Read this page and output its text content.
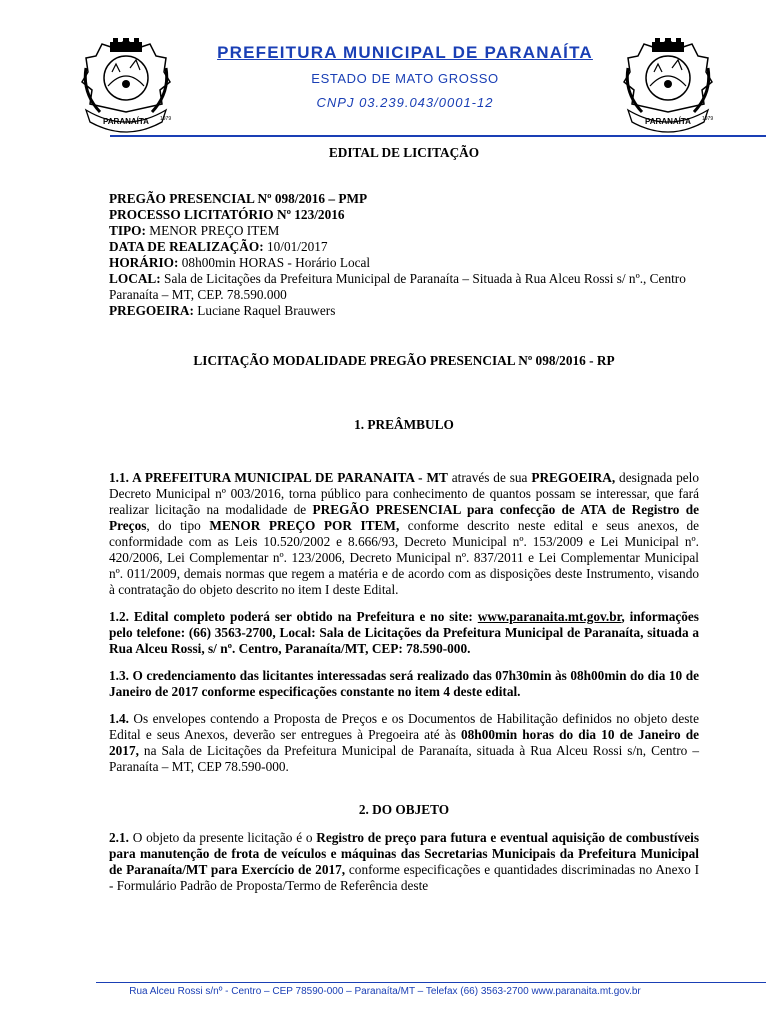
PARANAÍTA 1979
PREFEITURA MUNICIPAL DE PARANAÍTA
ESTADO DE MATO GROSSO
CNPJ 03.239.043/0001-12
PARANAÍTA 1979

EDITAL DE LICITAÇÃO

PREGÃO PRESENCIAL Nº 098/2016 – PMP
PROCESSO LICITATÓRIO Nº 123/2016
TIPO: MENOR PREÇO ITEM
DATA DE REALIZAÇÃO: 10/01/2017
HORÁRIO: 08h00min HORAS - Horário Local
LOCAL: Sala de Licitações da Prefeitura Municipal de Paranaíta – Situada à Rua Alceu Rossi s/ nº., Centro Paranaíta – MT, CEP. 78.590.000
PREGOEIRA: Luciane Raquel Brauwers

LICITAÇÃO MODALIDADE PREGÃO PRESENCIAL Nº 098/2016 - RP

1. PREÂMBULO

1.1. A PREFEITURA MUNICIPAL DE PARANAITA - MT através de sua PREGOEIRA, designada pelo Decreto Municipal nº 003/2016, torna público para conhecimento de quantos possam se interessar, que fará realizar licitação na modalidade de PREGÃO PRESENCIAL para confecção de ATA de Registro de Preços, do tipo MENOR PREÇO POR ITEM, conforme descrito neste edital e seus anexos, de conformidade com as Leis 10.520/2002 e 8.666/93, Decreto Municipal nº. 153/2009 e Lei Municipal nº. 420/2006, Lei Complementar nº. 123/2006, Decreto Municipal nº. 837/2011 e Lei Complementar Municipal nº. 011/2009, demais normas que regem a matéria e de acordo com as disposições deste Instrumento, visando à contratação do objeto descrito no item I deste Edital.

1.2. Edital completo poderá ser obtido na Prefeitura e no site: www.paranaita.mt.gov.br, informações pelo telefone: (66) 3563-2700, Local: Sala de Licitações da Prefeitura Municipal de Paranaíta, situada a Rua Alceu Rossi, s/ nº. Centro, Paranaíta/MT, CEP: 78.590-000.

1.3. O credenciamento das licitantes interessadas será realizado das 07h30min às 08h00min do dia 10 de Janeiro de 2017 conforme especificações constante no item 4 deste edital.

1.4. Os envelopes contendo a Proposta de Preços e os Documentos de Habilitação definidos no objeto deste Edital e seus Anexos, deverão ser entregues à Pregoeira até às 08h00min horas do dia 10 de Janeiro de 2017, na Sala de Licitações da Prefeitura Municipal de Paranaíta, situada à Rua Alceu Rossi s/n, Centro – Paranaíta – MT, CEP 78.590-000.

2. DO OBJETO

2.1. O objeto da presente licitação é o Registro de preço para futura e eventual aquisição de combustíveis para manutenção de frota de veículos e máquinas das Secretarias Municipais da Prefeitura Municipal de Paranaíta/MT para Exercício de 2017, conforme especificações e quantidades discriminadas no Anexo I - Formulário Padrão de Proposta/Termo de Referência deste

Rua Alceu Rossi s/nº - Centro – CEP 78590-000 – Paranaíta/MT – Telefax (66) 3563-2700 www.paranaita.mt.gov.br
